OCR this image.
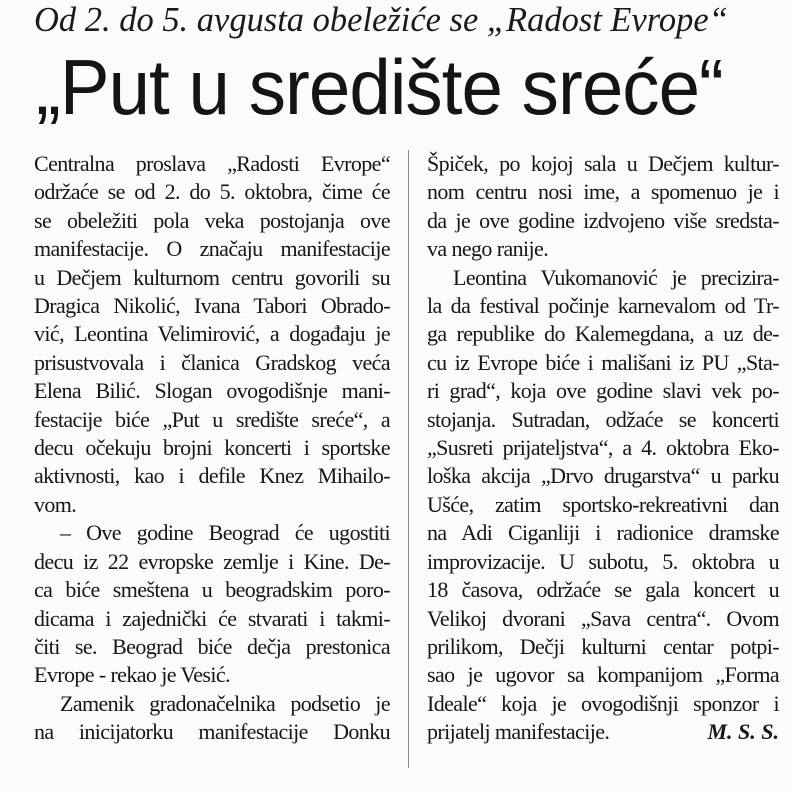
Od 2. do 5. avgusta obeležiće se „Radost Evrope“
„Put u središte sreće“
Centralna proslava „Radosti Evrope“
održaće se od 2. do 5. oktobra, čime će
se obeležiti pola veka postojanja ove
manifestacije. O značaju manifestacije
u Dečjem kulturnom centru govorili su
Dragica Nikolić, Ivana Tabori Obrado-
vić, Leontina Velimirović, a događaju je
prisustvovala i članica Gradskog veća
Elena Bilić. Slogan ovogodišnje mani-
festacije biće „Put u središte sreće“, a
decu očekuju brojni koncerti i sportske
aktivnosti, kao i defile Knez Mihailo-
vom.
– Ove godine Beograd će ugostiti
decu iz 22 evropske zemlje i Kine. De-
ca biće smeštena u beogradskim poro-
dicama i zajednički će stvarati i takmi-
čiti se. Beograd biće dečja prestonica
Evrope - rekao je Vesić.
Zamenik gradonačelnika podsetio je
na inicijatorku manifestacije Donku
Špiček, po kojoj sala u Dečjem kultur-
nom centru nosi ime, a spomenuo je i
da je ove godine izdvojeno više sredsta-
va nego ranije.
Leontina Vukomanović je precizira-
la da festival počinje karnevalom od Tr-
ga republike do Kalemegdana, a uz de-
cu iz Evrope biće i mališani iz PU „Sta-
ri grad“, koja ove godine slavi vek po-
stojanja. Sutradan, odžaće se koncerti
„Susreti prijateljstva“, a 4. oktobra Eko-
loška akcija „Drvo drugarstva“ u parku
Ušće, zatim sportsko-rekreativni dan
na Adi Ciganliji i radionice dramske
improvizacije. U subotu, 5. oktobra u
18 časova, održaće se gala koncert u
Velikoj dvorani „Sava centra“. Ovom
prilikom, Dečji kulturni centar potpi-
sao je ugovor sa kompanijom „Forma
Ideale“ koja je ovogodišnji sponzor i
prijatelj manifestacije.	M. S. S.
